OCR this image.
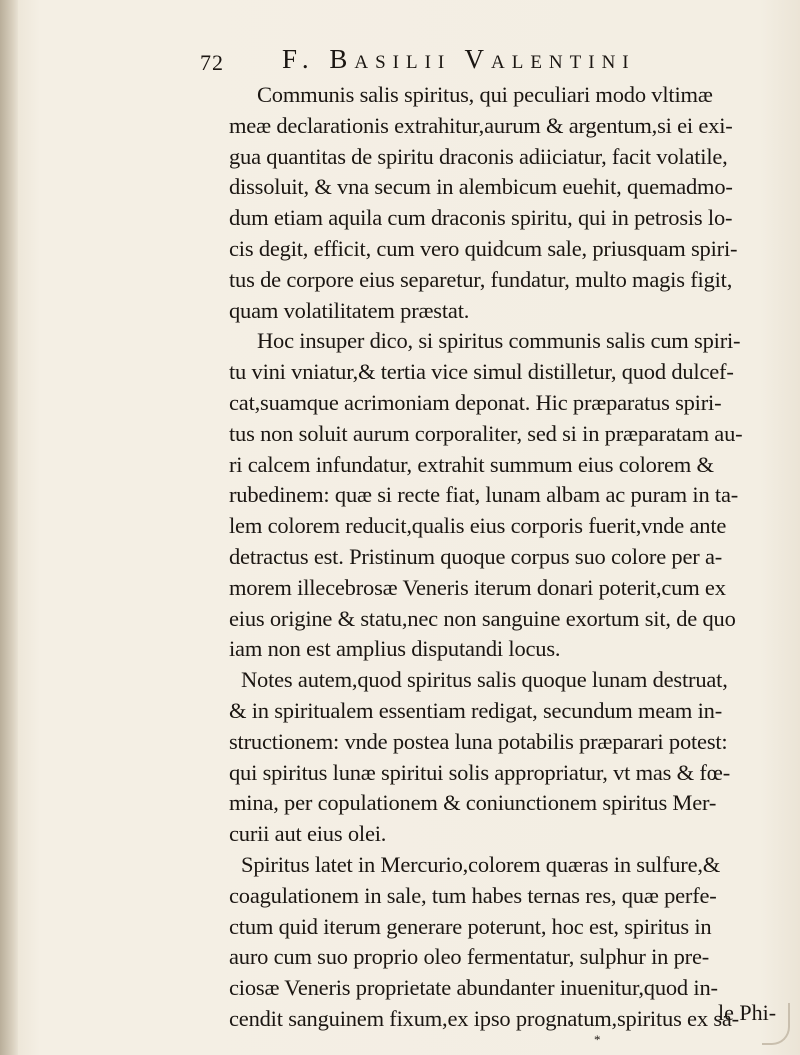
72 F. Basilii Valentini
Communis salis spiritus, qui peculiari modo vltimæ
meæ declarationis extrahitur,aurum & argentum,si ei exi-
gua quantitas de spiritu draconis adiiciatur, facit volatile,
dissoluit, & vna secum in alembicum euehit, quemadmo-
dum etiam aquila cum draconis spiritu, qui in petrosis lo-
cis degit, efficit, cum vero quidcum sale, priusquam spiri-
tus de corpore eius separetur, fundatur, multo magis figit,
quam volatilitatem præstat.
Hoc insuper dico, si spiritus communis salis cum spiri-
tu vini vniatur,& tertia vice simul distilletur, quod dulcef-
cat,suamque acrimoniam deponat. Hic præparatus spiri-
tus non soluit aurum corporaliter, sed si in præparatam au-
ri calcem infundatur, extrahit summum eius colorem &
rubedinem: quæ si recte fiat, lunam albam ac puram in ta-
lem colorem reducit,qualis eius corporis fuerit,vnde ante
detractus est. Pristinum quoque corpus suo colore per a-
morem illecebrosæ Veneris iterum donari poterit,cum ex
eius origine & statu,nec non sanguine exortum sit, de quo
iam non est amplius disputandi locus.
Notes autem,quod spiritus salis quoque lunam destruat,
& in spiritualem essentiam redigat, secundum meam in-
structionem: vnde postea luna potabilis præparari potest:
qui spiritus lunæ spiritui solis appropriatur, vt mas & fœ-
mina, per copulationem & coniunctionem spiritus Mer-
curii aut eius olei.
Spiritus latet in Mercurio,colorem quæras in sulfure,&
coagulationem in sale, tum habes ternas res, quæ perfe-
ctum quid iterum generare poterunt, hoc est, spiritus in
auro cum suo proprio oleo fermentatur, sulphur in pre-
ciosæ Veneris proprietate abundanter inuenitur,quod in-
cendit sanguinem fixum,ex ipso prognatum,spiritus ex sa-
le Phi-
*
